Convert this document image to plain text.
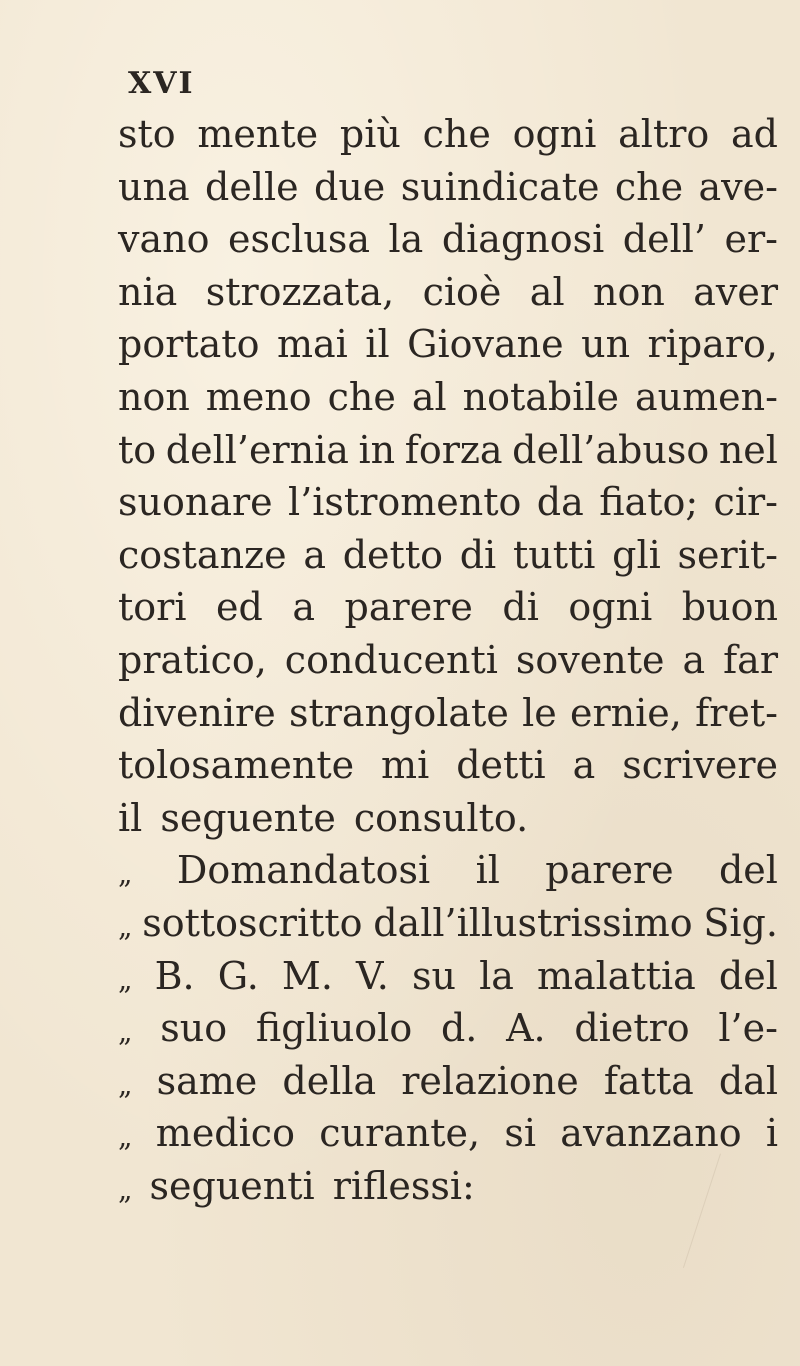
XVI
sto mente più che ogni altro ad
una delle due suindicate che ave-
vano esclusa la diagnosi dell’ er-
nia strozzata, cioè al non aver
portato mai il Giovane un riparo,
non meno che al notabile aumen-
to dell’ernia in forza dell’abuso nel
suonare l’istromento da fiato; cir-
costanze a detto di tutti gli serit-
tori ed a parere di ogni buon
pratico, conducenti sovente a far
divenire strangolate le ernie, fret-
tolosamente mi detti a scrivere
il seguente consulto.
„ Domandatosi il parere del
„ sottoscritto dall’illustrissimo Sig.
„ B. G. M. V. su la malattia del
„ suo figliuolo d. A. dietro l’e-
„ same della relazione fatta dal
„ medico curante, si avanzano i
„ seguenti riflessi:
